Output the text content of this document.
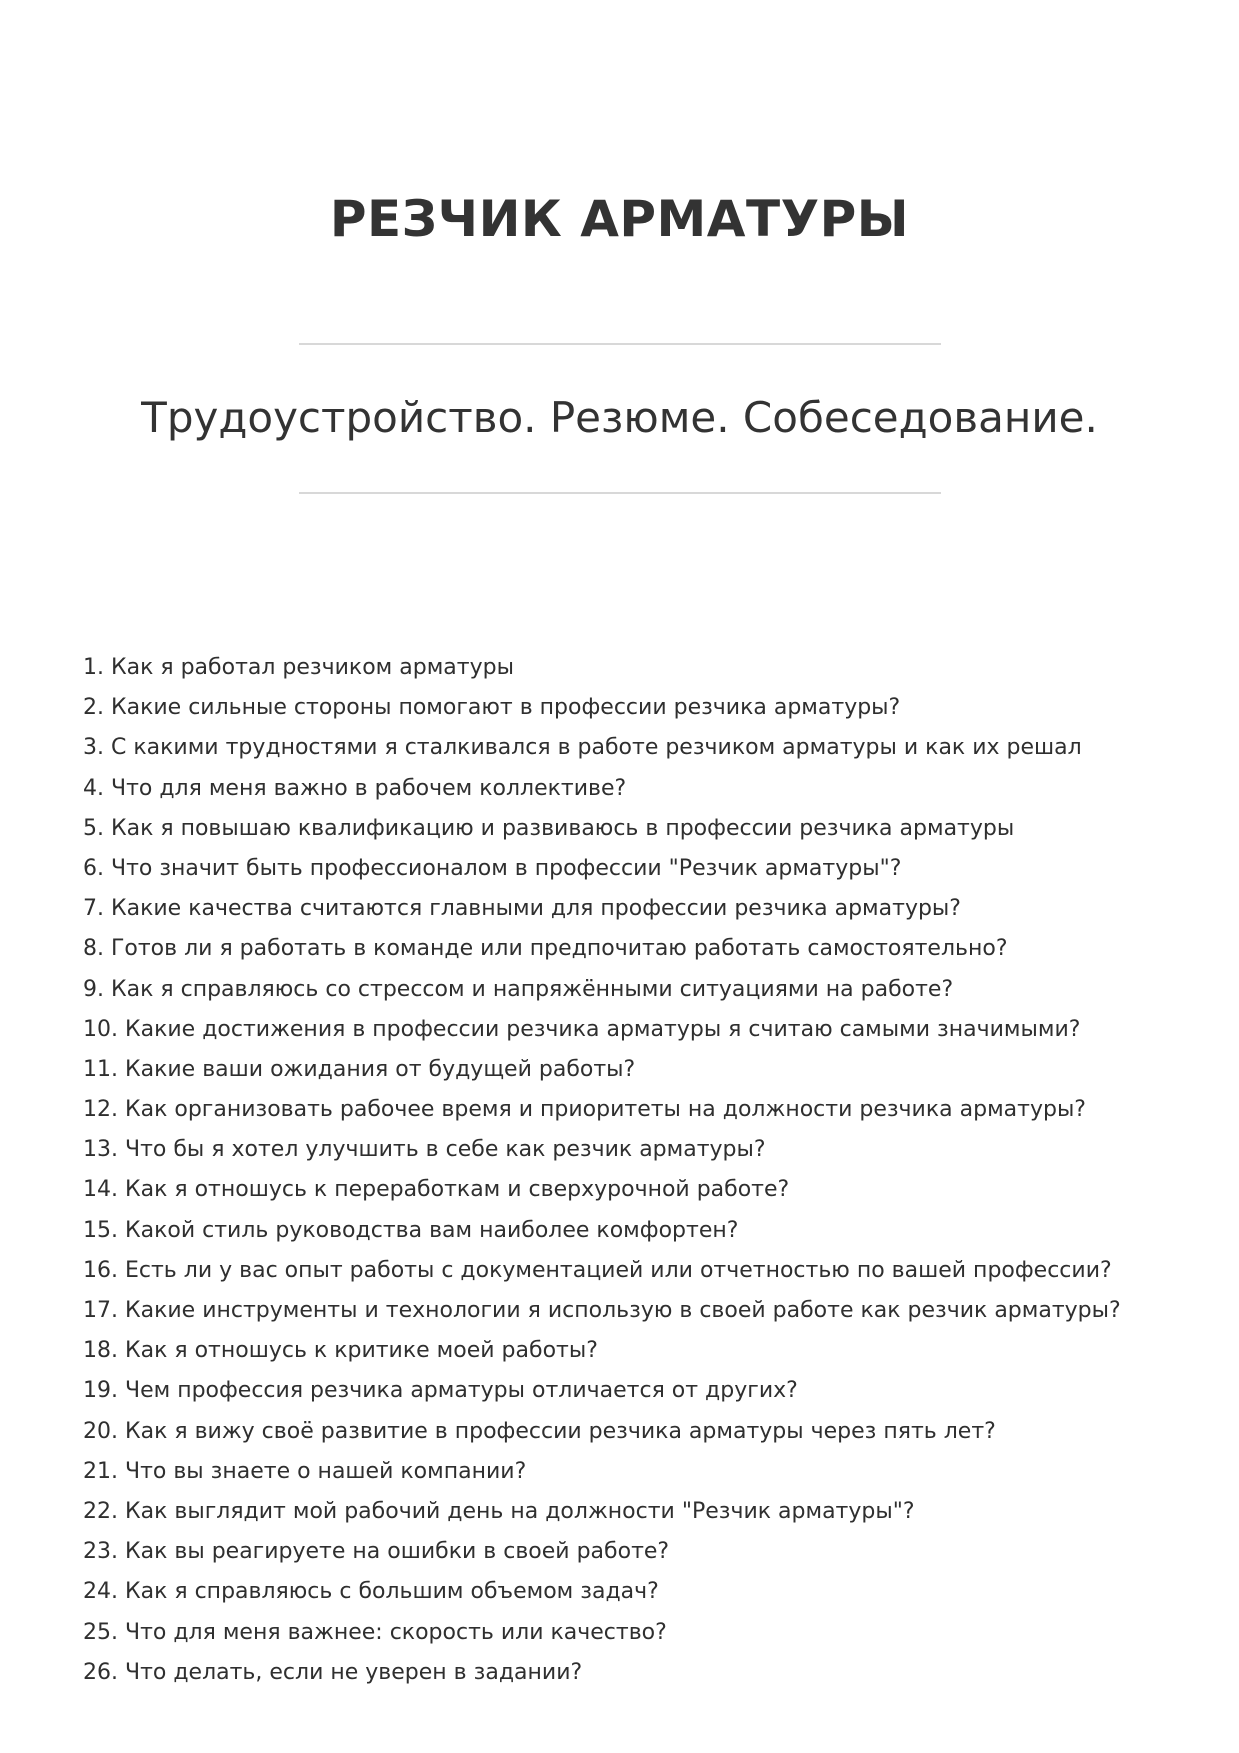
РЕЗЧИК АРМАТУРЫ
Трудоустройство. Резюме. Собеседование.
1. Как я работал резчиком арматуры
2. Какие сильные стороны помогают в профессии резчика арматуры?
3. С какими трудностями я сталкивался в работе резчиком арматуры и как их решал
4. Что для меня важно в рабочем коллективе?
5. Как я повышаю квалификацию и развиваюсь в профессии резчика арматуры
6. Что значит быть профессионалом в профессии "Резчик арматуры"?
7. Какие качества считаются главными для профессии резчика арматуры?
8. Готов ли я работать в команде или предпочитаю работать самостоятельно?
9. Как я справляюсь со стрессом и напряжёнными ситуациями на работе?
10. Какие достижения в профессии резчика арматуры я считаю самыми значимыми?
11. Какие ваши ожидания от будущей работы?
12. Как организовать рабочее время и приоритеты на должности резчика арматуры?
13. Что бы я хотел улучшить в себе как резчик арматуры?
14. Как я отношусь к переработкам и сверхурочной работе?
15. Какой стиль руководства вам наиболее комфортен?
16. Есть ли у вас опыт работы с документацией или отчетностью по вашей профессии?
17. Какие инструменты и технологии я использую в своей работе как резчик арматуры?
18. Как я отношусь к критике моей работы?
19. Чем профессия резчика арматуры отличается от других?
20. Как я вижу своё развитие в профессии резчика арматуры через пять лет?
21. Что вы знаете о нашей компании?
22. Как выглядит мой рабочий день на должности "Резчик арматуры"?
23. Как вы реагируете на ошибки в своей работе?
24. Как я справляюсь с большим объемом задач?
25. Что для меня важнее: скорость или качество?
26. Что делать, если не уверен в задании?
